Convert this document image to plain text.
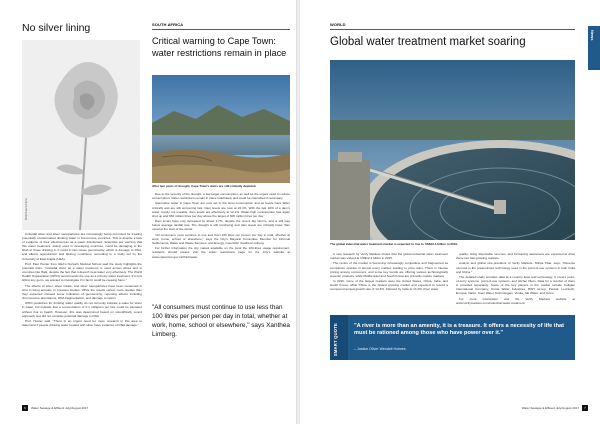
No silver lining
Flickr/Laura Flynn

Colloidal silver and silver nanoparticles are increasingly being promoted for treating potentially contaminated drinking water in low-income countries. This is despite a lack of evidence of their effectiveness as a water disinfectant. Scientists are warning that this water treatment, widely used in developing countries, could be damaging to the DNA of those drinking it. It could in fact cause genotoxicity, which is damage to DNA, and affects reproduction and lifelong conditions, according to a study led by the University of East Anglia (UEA).

Prof. Paul Hunter from UEA's Norwich Medical School said the study highlights the potential risks. "Colloidal silver as a water treatment is used across Africa and in countries like Haiti, despite the fact that it doesn't treat water very effectively. The World Health Organization (WHO) recommends the use as a primary water treatment. If it isn't killing any germ, we wanted to investigate if in fact it could be causing harm."

The effects of silver, silver nitrate, and silver nanoparticles have been measured in vitro in living animals, in previous studies. While the results varied, more studies than they expected showed some indication of genotoxicity, reporting effects including chromosome aberrations, DNA fragmentation, and damage to sperm.

WHO guidelines for drinking water quality do not currently indicate a value for silver in water, but indicate that a concentration of 0.1 milligram per litre could be tolerated without risk to health. However, this was determined based on scientifically sound approach and did not consider potential damage to DNA.

Prof. Hunter said, "There is an urgent need for more research in this area to determine if people drinking water treated with silver have evidence of DNA damage."

SOUTH AFRICA
Critical warning to Cape Town: water restrictions remain in place
After two years of drought, Cape Town's dams are still critically depleted.

Due to the severity of the drought, a low-target consumption, as well as the urgent need to reduce consumption, water restrictions remain in place indefinitely and could be intensified if necessary.

Alternative water in Cape Town are now set to the level consumption and as levels have fallen critically and are still worsening fast. Dam levels are now at 22.1%. With the last 10% of a dam's water mostly not useable, dam levels are effectively at 12.1%. Water-high consumption has again shot up and 684 million litres per day above the target of 600 million litres per day.

Dam levels have only increased by about 3.7%, despite the recent big storms, and is still way below average rainfall rate. The drought is still continuing and dam levels are critically lower than usual at the start of the winter.

"All consumers must continue to use less than 100 litres per person per day in total, whether at work, home, school or elsewhere," says the City's Mayoral Committee Member for Informal Settlements, Water and Waste Services, and Energy, Councillor Xanthea Limberg.

For further information the city makes available on the local the 100-litres usage requirement, residents should please visit the water restrictions page on the City's website at www.capetown.gov.za/thinkwater.

"All consumers must continue to use less than 100 litres per person per day in total, whether at work, home, school or elsewhere," says Xanthea Limberg.
6 Water Sewage & Effluent July/August 2017
WORLD
Global water treatment market soaring
The global industrial water treatment market is expected to rise to US$12.4 billion in 2019.

A new research by Verify Markets shows that the global industrial water treatment market was valued at US$12.4 billion in 2015.

The centre of the market is becoming increasingly competitive and fragmented as companies operate in almost every market, leading to price wars. There is intense pricing among consumers, and some key trends are offering various technologically superior products, while Middle East and South Korea are primarily mature markets.

In 2016, some of the largest markets were the United States, China, India, and South Korea, while China is the fastest growing market and expected to record a compound annual growth rate of 14.3%, followed by India at 13.4%. Poor water

quality, rising disposable incomes, and increasing awareness are expected to drive these two fast-growing markets.

Analyst and global vice-president of Verify Markets, Shilpa Tilak, says, "Reverse osmosis is the predominant technology used in the point-of-use systems in both India and China."

The detailed study provides data at a country level and technology. It covers point-of-entry systems, point-of-use systems, and pitcher filters. Data for a number of them is provided separately. Some of the key players in the market include Culligan International Company, Kurita Water Industries, BWT Group, Pentair, Lenntech, Evoqua, Nalco, Suez Water Technologies, Veolia, GE Water, and Ovivo.

For more information visit the Verify Markets website at www.verifymarkets.com/industrial-water-treatment.

SMART QUOTE	"A river is more than an amenity, it is a treasure. It offers a necessity of life that must be rationed among those who have power over it."
– Justice Oliver Wendell Holmes
News
Water Sewage & Effluent July/August 2017 7
